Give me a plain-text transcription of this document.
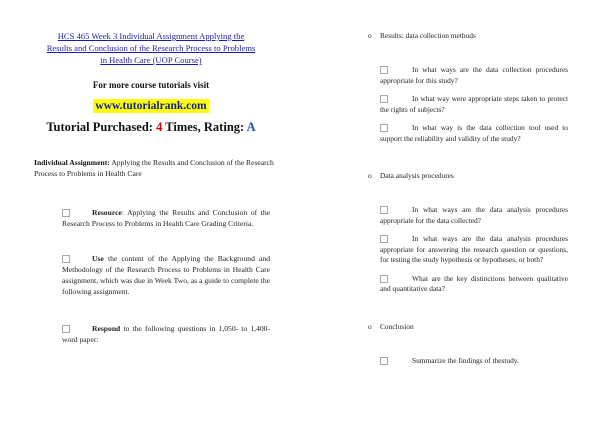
HCS 465 Week 3 Individual Assignment Applying the
Results and Conclusion of the Research Process to Problems
in Health Care (UOP Course)

For more course tutorials visit
www.tutorialrank.com
Tutorial Purchased: 4 Times, Rating: A
Individual Assignment: Applying the Results and Conclusion of the Research Process to Problems in Health Care
Resource: Applying the Results and Conclusion of the Research Process to Problems in Health Care Grading Criteria.
Use the content of the Applying the Background and Methodology of the Research Process to Problems in Health Care assignment, which was due in Week Two, as a guide to complete the following assignment.
Respond to the following questions in 1,050- to 1,400-word paper:
o Results: data collection methods
In what ways are the data collection procedures appropriate for this study?
In what way were appropriate steps taken to protect the rights of subjects?
In what way is the data collection tool used to support the reliability and validity of the study?
o Data analysis procedures
In what ways are the data analysis procedures appropriate for the data collected?
In what ways are the data analysis procedures appropriate for answering the research question or questions, for testing the study hypothesis or hypotheses, or both?
What are the key distinctions between qualitative and quantitative data?
o Conclusion
Summarize the findings of thestudy.
